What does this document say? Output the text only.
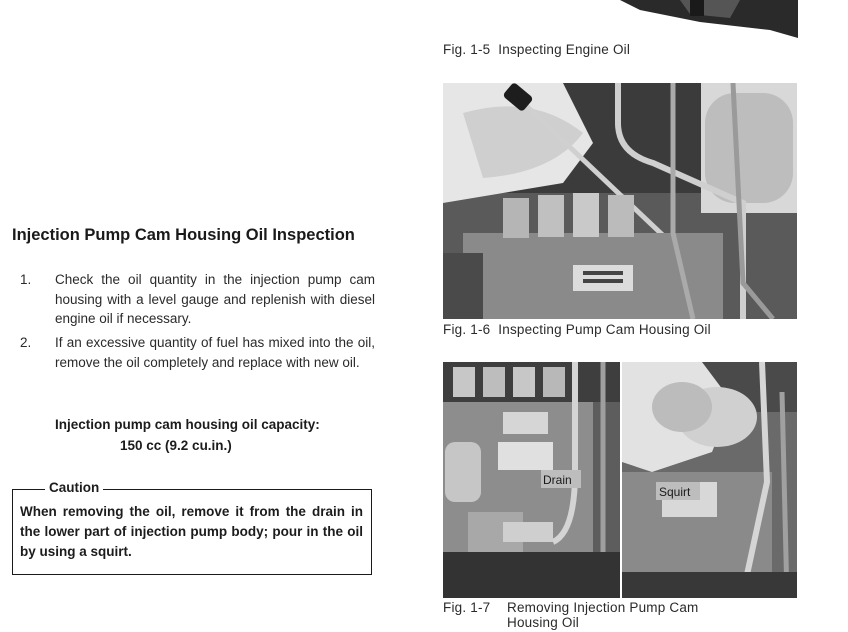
Fig. 1-5 Inspecting Engine Oil
Fig. 1-6 Inspecting Pump Cam Housing Oil
Drain
Squirt
Fig. 1-7 Removing Injection Pump Cam
Housing Oil
Injection Pump Cam Housing Oil Inspection
1. Check the oil quantity in the injection pump cam housing with a level gauge and replenish with diesel engine oil if necessary.
2. If an excessive quantity of fuel has mixed into the oil, remove the oil completely and replace with new oil.
Injection pump cam housing oil capacity:
150 cc (9.2 cu.in.)
Caution
When removing the oil, remove it from the drain in the lower part of injection pump body; pour in the oil by using a squirt.
